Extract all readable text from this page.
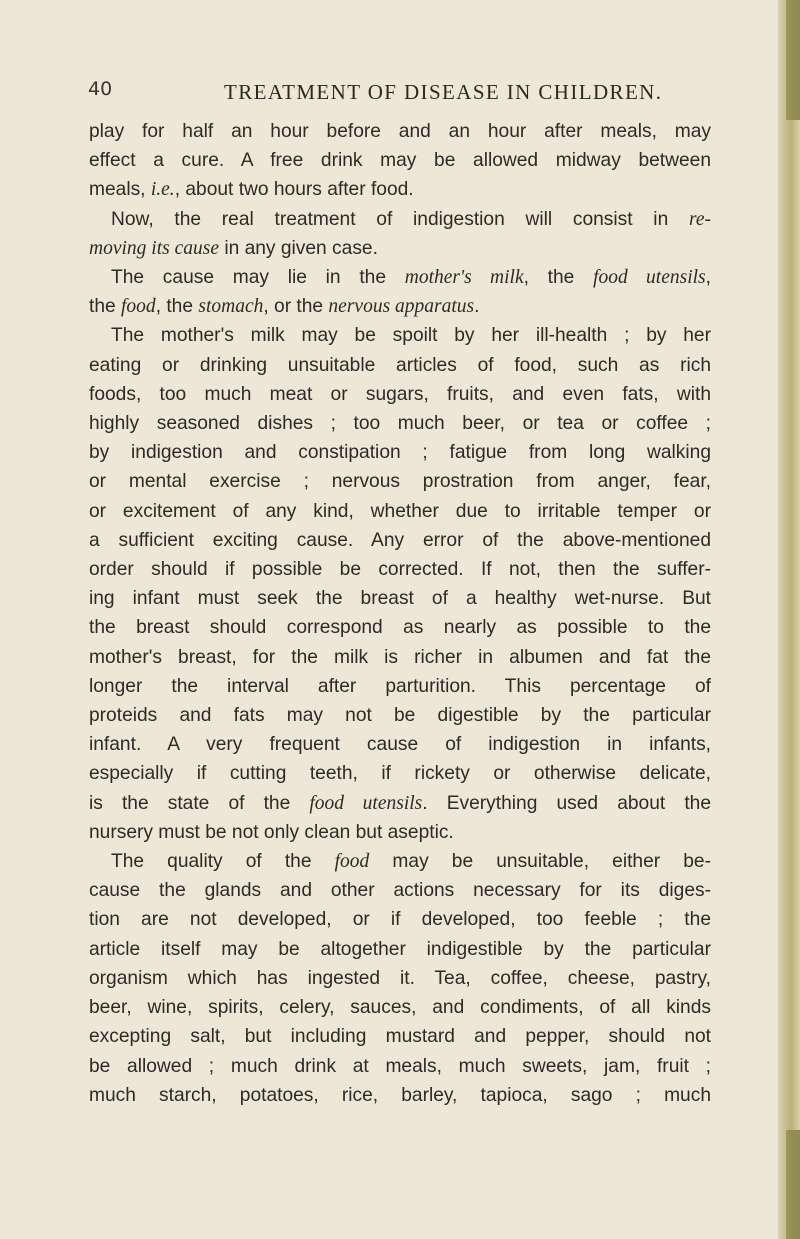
40	TREATMENT OF DISEASE IN CHILDREN.
play for half an hour before and an hour after meals, may
effect a cure. A free drink may be allowed midway between
meals, i.e., about two hours after food.
Now, the real treatment of indigestion will consist in re-
moving its cause in any given case.
The cause may lie in the mother's milk, the food utensils,
the food, the stomach, or the nervous apparatus.
The mother's milk may be spoilt by her ill-health ; by her
eating or drinking unsuitable articles of food, such as rich
foods, too much meat or sugars, fruits, and even fats, with
highly seasoned dishes ; too much beer, or tea or coffee ;
by indigestion and constipation ; fatigue from long walking
or mental exercise ; nervous prostration from anger, fear,
or excitement of any kind, whether due to irritable temper or
a sufficient exciting cause. Any error of the above-mentioned
order should if possible be corrected. If not, then the suffer-
ing infant must seek the breast of a healthy wet-nurse. But
the breast should correspond as nearly as possible to the
mother's breast, for the milk is richer in albumen and fat the
longer the interval after parturition. This percentage of
proteids and fats may not be digestible by the particular
infant. A very frequent cause of indigestion in infants,
especially if cutting teeth, if rickety or otherwise delicate,
is the state of the food utensils. Everything used about the
nursery must be not only clean but aseptic.
The quality of the food may be unsuitable, either be-
cause the glands and other actions necessary for its diges-
tion are not developed, or if developed, too feeble ; the
article itself may be altogether indigestible by the particular
organism which has ingested it. Tea, coffee, cheese, pastry,
beer, wine, spirits, celery, sauces, and condiments, of all kinds
excepting salt, but including mustard and pepper, should not
be allowed ; much drink at meals, much sweets, jam, fruit ;
much starch, potatoes, rice, barley, tapioca, sago ; much
